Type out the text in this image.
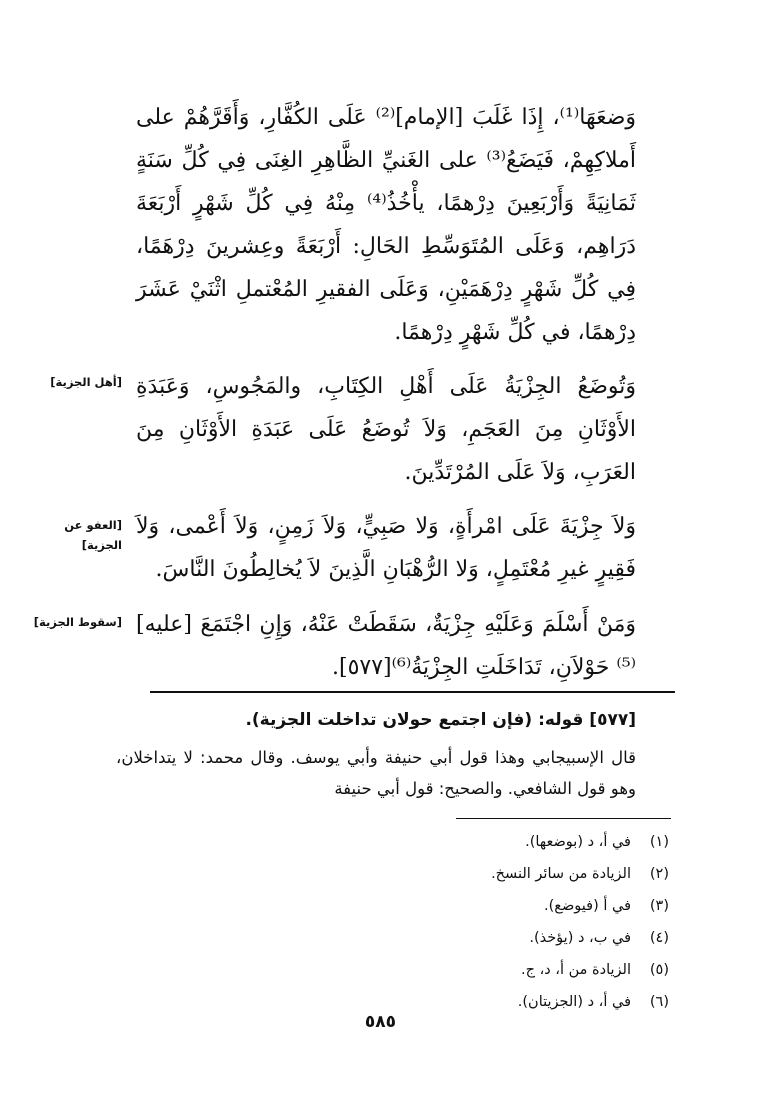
وَضعَهَا⁽¹⁾، إِذَا غَلَبَ [الإمام]⁽²⁾ عَلَى الكُفَّارِ، وَأَقَرَّهُمْ على أَملاكِهِمْ، فَيَضَعُ⁽³⁾ على الغَنيِّ الظَّاهِرِ الغِنَى فِي كُلِّ سَنَةٍ ثَمَانِيَةً وَأَرْبَعِينَ دِرْهمًا، يأْخُذُ⁽⁴⁾ مِنْهُ فِي كُلِّ شَهْرٍ أَرْبَعَةَ دَرَاهِم، وَعَلَى المُتَوَسِّطِ الحَالِ: أَرْبَعَةً وعِشرينَ دِرْهَمًا، فِي كُلِّ شَهْرٍ دِرْهَمَيْنِ، وَعَلَى الفقيرِ المُعْتملِ اثْنَيْ عَشَرَ دِرْهمًا، في كُلِّ شَهْرٍ دِرْهمًا.
وَتُوضَعُ الجِزْيَةُ عَلَى أَهْلِ الكِتَابِ، والمَجُوسِ، وَعَبَدَةِ الأَوْثَانِ مِنَ العَجَمِ، وَلاَ تُوضَعُ عَلَى عَبَدَةِ الأَوْثَانِ مِنَ العَرَبِ، وَلاَ عَلَى المُرْتَدِّينَ.
وَلاَ جِزْيَةَ عَلَى امْرأَةٍ، وَلا صَبِيٍّ، وَلاَ زَمِنٍ، وَلاَ أَعْمى، وَلاَ فَقِيرٍ غيرِ مُعْتَمِلٍ، وَلا الرُّهْبَانِ الَّذِينَ لاَ يُخالِطُونَ النَّاسَ.
وَمَنْ أَسْلَمَ وَعَلَيْهِ جِزْيَةٌ، سَقَطَتْ عَنْهُ، وَإِنِ اجْتَمَعَ [عليه]⁽⁵⁾ حَوْلاَنِ، تَدَاخَلَتِ الجِزْيَةُ⁽⁶⁾[٥٧٧].
[أهل الجزية]
[العفو عن الجزية]
[سقوط الجزية]

[٥٧٧] قوله: (فإن اجتمع حولان تداخلت الجزية).

قال الإسبيجابي وهذا قول أبي حنيفة وأبي يوسف. وقال محمد: لا يتداخلان، وهو قول الشافعي. والصحيح: قول أبي حنيفة

(١)في أ، د (بوضعها).
(٢)الزيادة من سائر النسخ.
(٣)في أ (فيوضع).
(٤)في ب، د (يؤخذ).
(٥)الزيادة من أ، د، ج.
(٦)في أ، د (الجزيتان).
٥٨٥
